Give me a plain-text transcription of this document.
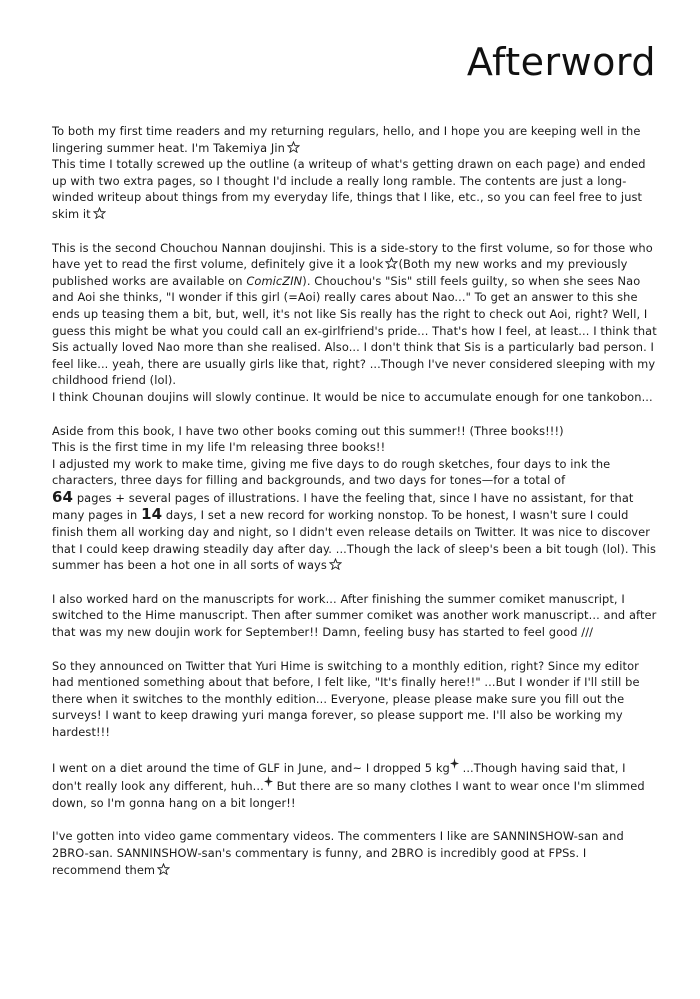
Afterword

To both my first time readers and my returning regulars, hello, and I hope you are keeping well in the lingering summer heat. I'm Takemiya Jin

This time I totally screwed up the outline (a writeup of what's getting drawn on each page) and ended up with two extra pages, so I thought I'd include a really long ramble. The contents are just a long-winded writeup about things from my everyday life, things that I like, etc., so you can feel free to just skim it

This is the second Chouchou Nannan doujinshi. This is a side-story to the first volume, so for those who have yet to read the first volume, definitely give it a look (Both my new works and my previously published works are available on ComicZIN). Chouchou's "Sis" still feels guilty, so when she sees Nao and Aoi she thinks, "I wonder if this girl (=Aoi) really cares about Nao..." To get an answer to this she ends up teasing them a bit, but, well, it's not like Sis really has the right to check out Aoi, right? Well, I guess this might be what you could call an ex-girlfriend's pride... That's how I feel, at least... I think that Sis actually loved Nao more than she realised. Also... I don't think that Sis is a particularly bad person. I feel like... yeah, there are usually girls like that, right? ...Though I've never considered sleeping with my childhood friend (lol).
I think Chounan doujins will slowly continue. It would be nice to accumulate enough for one tankobon...

Aside from this book, I have two other books coming out this summer!! (Three books!!!)
This is the first time in my life I'm releasing three books!!
I adjusted my work to make time, giving me five days to do rough sketches, four days to ink the characters, three days for filling and backgrounds, and two days for tones—for a total of
64 pages + several pages of illustrations. I have the feeling that, since I have no assistant, for that many pages in 14 days, I set a new record for working nonstop. To be honest, I wasn't sure I could finish them all working day and night, so I didn't even release details on Twitter. It was nice to discover that I could keep drawing steadily day after day. ...Though the lack of sleep's been a bit tough (lol). This summer has been a hot one in all sorts of ways

I also worked hard on the manuscripts for work... After finishing the summer comiket manuscript, I switched to the Hime manuscript. Then after summer comiket was another work manuscript... and after that was my new doujin work for September!! Damn, feeling busy has started to feel good ///

So they announced on Twitter that Yuri Hime is switching to a monthly edition, right? Since my editor had mentioned something about that before, I felt like, "It's finally here!!" ...But I wonder if I'll still be there when it switches to the monthly edition... Everyone, please please make sure you fill out the surveys! I want to keep drawing yuri manga forever, so please support me. I'll also be working my hardest!!!

I went on a diet around the time of GLF in June, and~ I dropped 5 kg ...Though having said that, I don't really look any different, huh... But there are so many clothes I want to wear once I'm slimmed down, so I'm gonna hang on a bit longer!!

I've gotten into video game commentary videos. The commenters I like are SANNINSHOW-san and 2BRO-san. SANNINSHOW-san's commentary is funny, and 2BRO is incredibly good at FPSs. I recommend them
